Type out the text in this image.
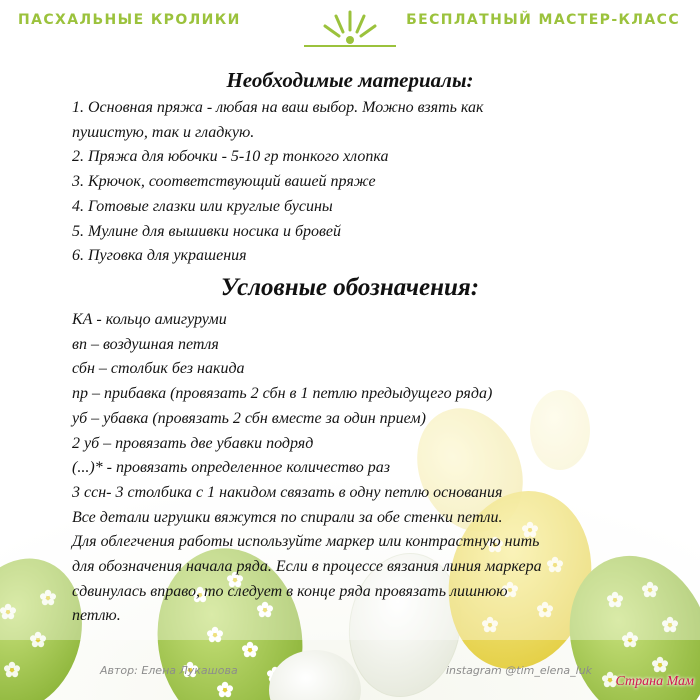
ПАСХАЛЬНЫЕ КРОЛИКИ	БЕСПЛАТНЫЙ МАСТЕР-КЛАСС
Необходимые материалы:
1. Основная пряжа - любая на ваш выбор. Можно взять как
пушистую, так и гладкую.
2. Пряжа для юбочки - 5-10 гр тонкого хлопка
3. Крючок, соответствующий вашей пряже
4. Готовые глазки или круглые бусины
5. Мулине для вышивки носика и бровей
6. Пуговка для украшения
Условные обозначения:
КА - кольцо амигуруми
вп – воздушная петля
сбн – столбик без накида
пр – прибавка (провязать 2 сбн в 1 петлю предыдущего ряда)
уб – убавка (провязать 2 сбн вместе за один прием)
2 уб – провязать две убавки подряд
(...)* - провязать определенное количество раз
3 ссн- 3 столбика с 1 накидом связать в одну петлю основания
Все детали игрушки вяжутся по спирали за обе стенки петли.
Для облегчения работы используйте маркер или контрастную нить
для обозначения начала ряда. Если в процессе вязания линия маркера
сдвинулась вправо, то следует в конце ряда провязать лишнюю
петлю.
Автор: Елена Лукашова	instagram @tim_elena_luk
Страна Мам
